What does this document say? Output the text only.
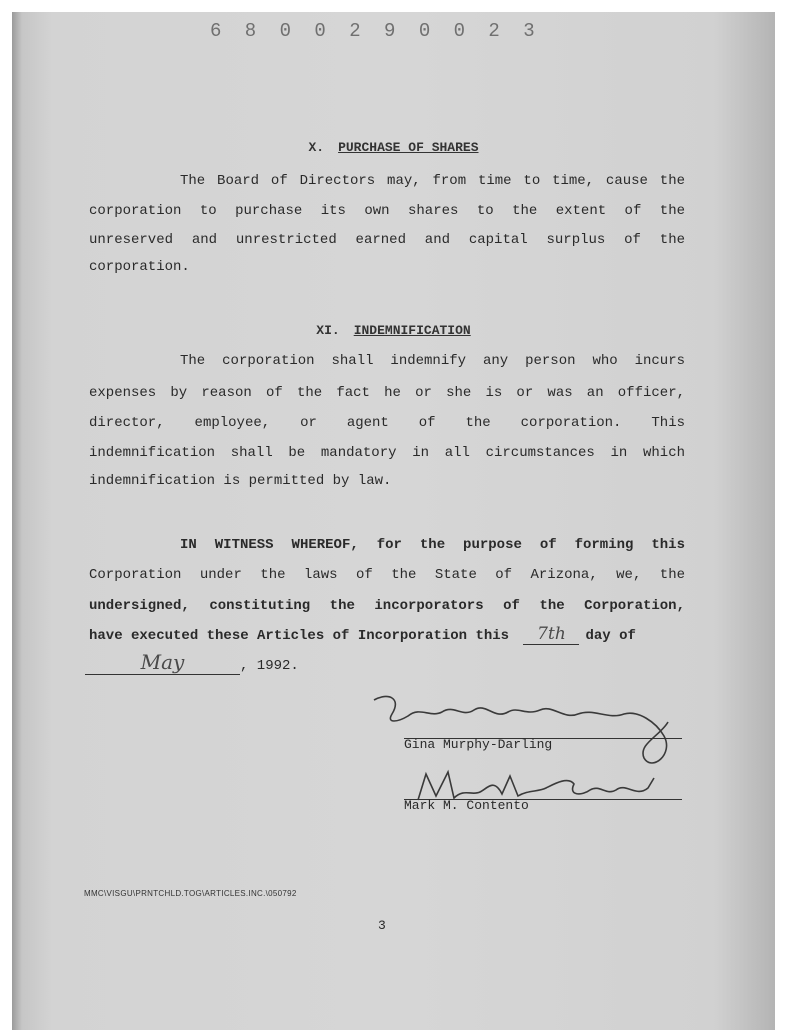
6 8 0 0 2 9 0 0 2 3
X. PURCHASE OF SHARES
The Board of Directors may, from time to time, cause the
corporation to purchase its own shares to the extent of the
unreserved and unrestricted earned and capital surplus of the
corporation.
XI. INDEMNIFICATION
The corporation shall indemnify any person who incurs
expenses by reason of the fact he or she is or was an officer,
director, employee, or agent of the corporation. This
indemnification shall be mandatory in all circumstances in which
indemnification is permitted by law.
IN WITNESS WHEREOF, for the purpose of forming this
Corporation under the laws of the State of Arizona, we, the
undersigned, constituting the incorporators of the Corporation,
have executed these Articles of Incorporation this 7th day of
May	, 1992.
Gina Murphy-Darling
Mark M. Contento
MMC\VISGU\PRNTCHLD.TOG\ARTICLES.INC.\050792
3
